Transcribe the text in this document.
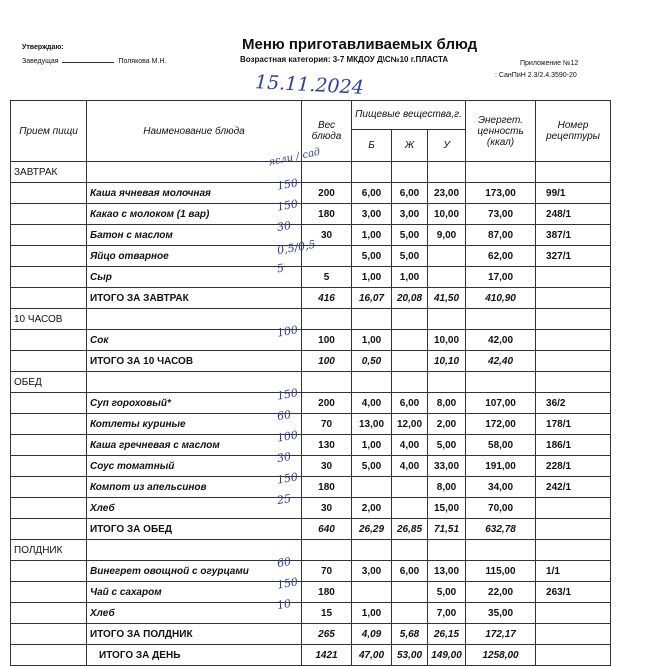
Утверждаю:
Заведущая	Полякова М.Н.
Меню приготавливаемых блюд
Возрастная категория: 3-7 МКДОУ Д\С№10 г.ПЛАСТА	Приложение №12
: СанПиН 2.3/2.4.3590-20
15.11.2024
Прием пищи	Наименование блюда	Вес блюда	Пищевые вещества,г.			Энергет. ценность (ккал)	Номер рецептуры
			Б	Ж	У		
ЗАВТРАК							
	Каша ячневая молочная	200	6,00	6,00	23,00	173,00	99/1
	Какао с молоком (1 вар)	180	3,00	3,00	10,00	73,00	248/1
	Батон с маслом	30	1,00	5,00	9,00	87,00	387/1
	Яйцо отварное		5,00	5,00		62,00	327/1
	Сыр	5	1,00	1,00		17,00	
	ИТОГО ЗА ЗАВТРАК	416	16,07	20,08	41,50	410,90	
10 ЧАСОВ							
	Сок	100	1,00		10,00	42,00	
	ИТОГО ЗА 10 ЧАСОВ	100	0,50		10,10	42,40	
ОБЕД							
	Суп гороховый*	200	4,00	6,00	8,00	107,00	36/2
	Котлеты куриные	70	13,00	12,00	2,00	172,00	178/1
	Каша гречневая с маслом	130	1,00	4,00	5,00	58,00	186/1
	Соус томатный	30	5,00	4,00	33,00	191,00	228/1
	Компот из апельсинов	180			8,00	34,00	242/1
	Хлеб	30	2,00		15,00	70,00	
	ИТОГО ЗА ОБЕД	640	26,29	26,85	71,51	632,78	
ПОЛДНИК							
	Винегрет овощной с огурцами	70	3,00	6,00	13,00	115,00	1/1
	Чай с сахаром	180			5,00	22,00	263/1
	Хлеб	15	1,00		7,00	35,00	
	ИТОГО ЗА ПОЛДНИК	265	4,09	5,68	26,15	172,17	
	ИТОГО ЗА ДЕНЬ	1421	47,00	53,00	149,00	1258,00	
ясли / сад
150
150
30
0,5/0,5
5
100
150
60
100
30
150
25
60
150
10
